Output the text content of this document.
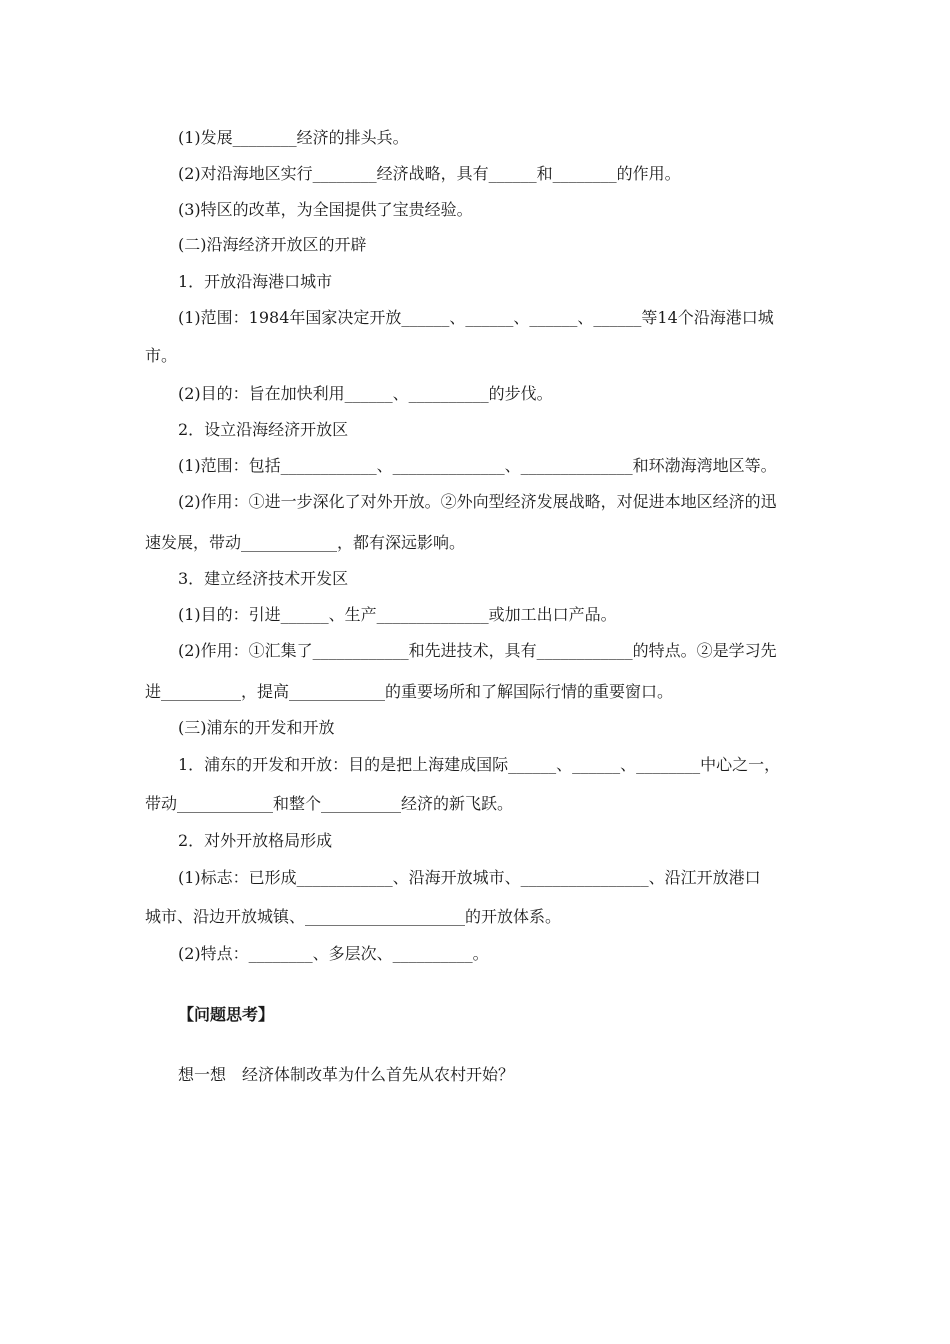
(1)发展________经济的排头兵。
(2)对沿海地区实行________经济战略，具有______和________的作用。
(3)特区的改革，为全国提供了宝贵经验。
(二)沿海经济开放区的开辟
1．开放沿海港口城市
(1)范围：1984年国家决定开放______、______、______、______等14个沿海港口城
市。
(2)目的：旨在加快利用______、__________的步伐。
2．设立沿海经济开放区
(1)范围：包括____________、______________、______________和环渤海湾地区等。
(2)作用：①进一步深化了对外开放。②外向型经济发展战略，对促进本地区经济的迅
速发展，带动____________，都有深远影响。
3．建立经济技术开发区
(1)目的：引进______、生产______________或加工出口产品。
(2)作用：①汇集了____________和先进技术，具有____________的特点。②是学习先
进__________，提高____________的重要场所和了解国际行情的重要窗口。
(三)浦东的开发和开放
1．浦东的开发和开放：目的是把上海建成国际______、______、________中心之一，
带动____________和整个__________经济的新飞跃。
2．对外开放格局形成
(1)标志：已形成____________、沿海开放城市、________________、沿江开放港口
城市、沿边开放城镇、____________________的开放体系。
(2)特点：________、多层次、__________。
【问题思考】
想一想　经济体制改革为什么首先从农村开始？
